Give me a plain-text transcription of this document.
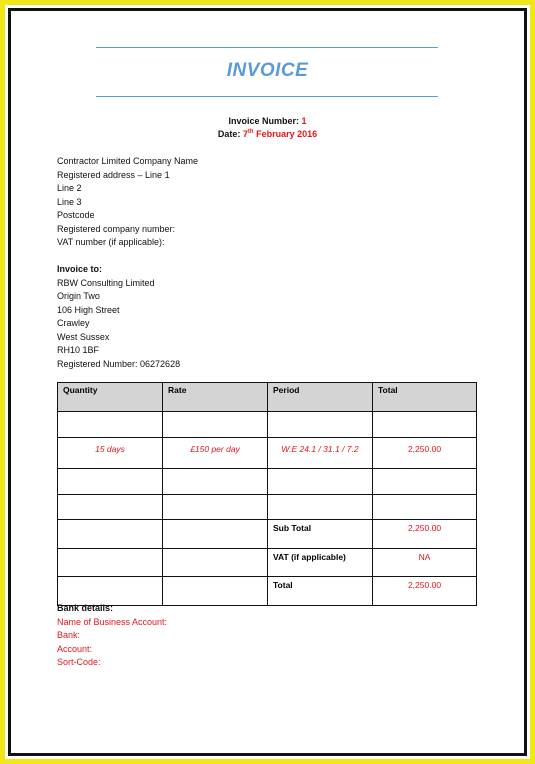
INVOICE
Invoice Number: 1
Date: 7th February 2016
Contractor Limited Company Name
Registered address – Line 1
Line 2
Line 3
Postcode
Registered company number:
VAT number (if applicable):
Invoice to:
RBW Consulting Limited
Origin Two
106 High Street
Crawley
West Sussex
RH10 1BF
Registered Number: 06272628
Quantity	Rate	Period	Total

15 days	£150 per day	W.E 24.1 / 31.1 / 7.2	2,250.00

		Sub Total	2,250.00
		VAT (if applicable)	NA
		Total	2,250.00
Bank details:
Name of Business Account:
Bank:
Account:
Sort-Code:
